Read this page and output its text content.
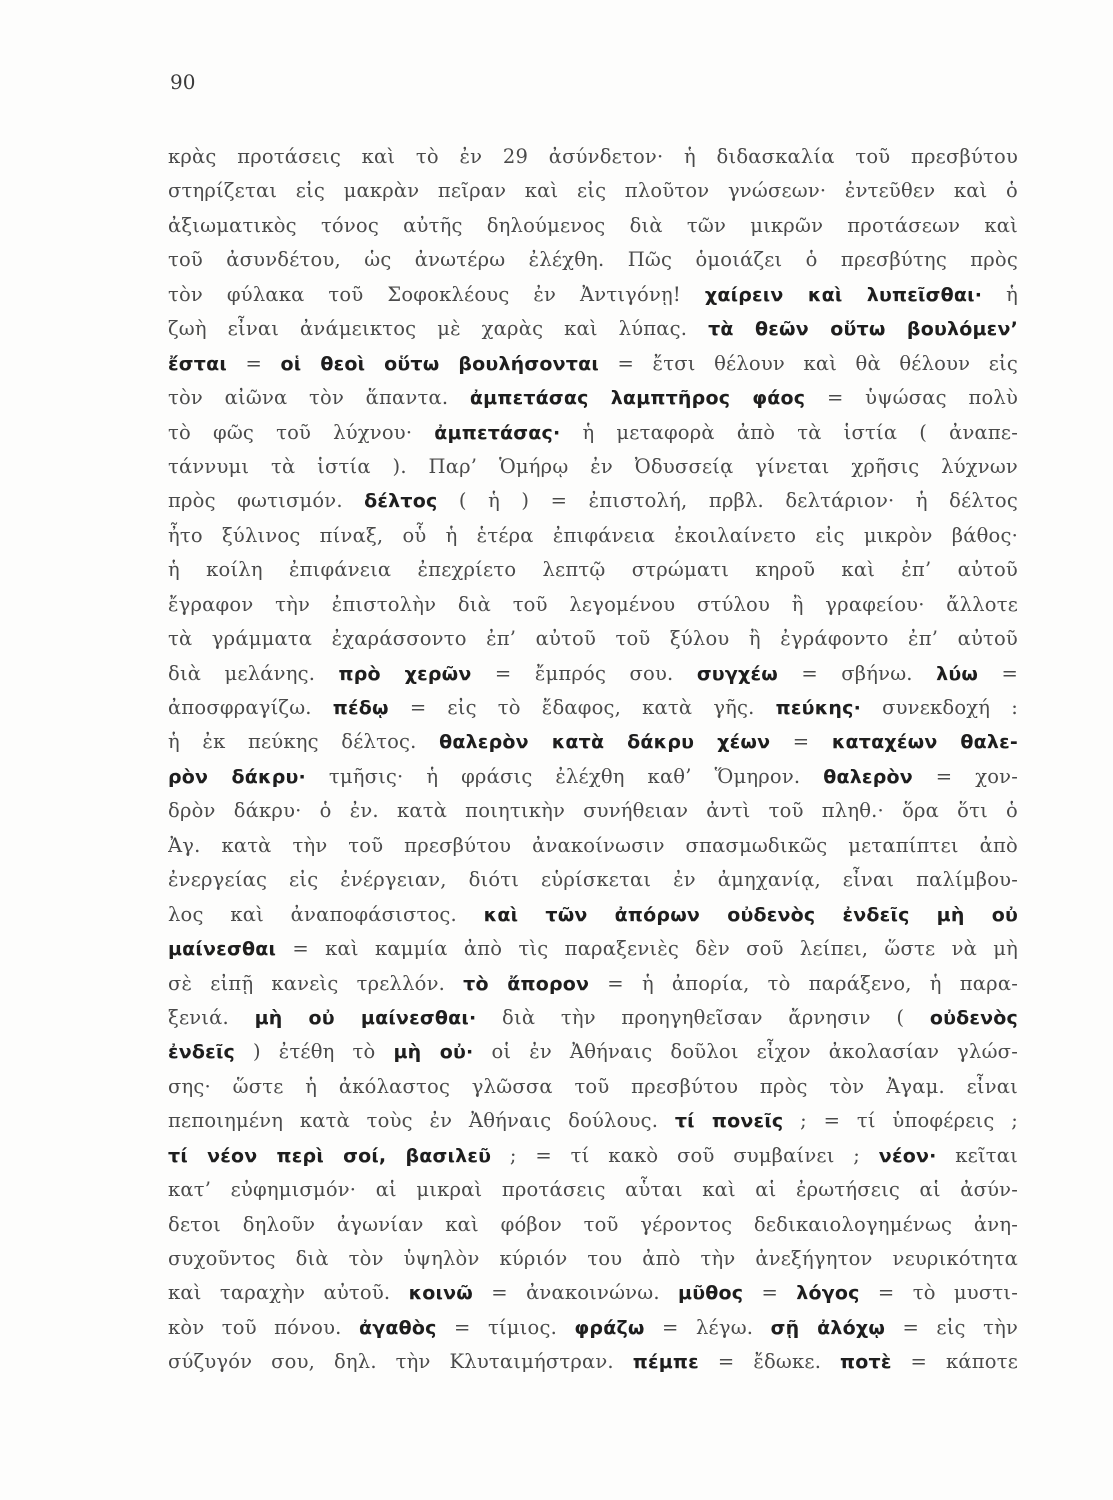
90
κρὰς προτάσεις καὶ τὸ ἐν 29 ἀσύνδετον· ἡ διδασκαλία τοῦ πρεσβύτου
στηρίζεται εἰς μακρὰν πεῖραν καὶ εἰς πλοῦτον γνώσεων· ἐντεῦθεν καὶ ὁ
ἀξιωματικὸς τόνος αὐτῆς δηλούμενος διὰ τῶν μικρῶν προτάσεων καὶ
τοῦ ἀσυνδέτου, ὡς ἀνωτέρω ἐλέχθη. Πῶς ὁμοιάζει ὁ πρεσβύτης πρὸς
τὸν φύλακα τοῦ Σοφοκλέους ἐν Ἀντιγόνῃ! χαίρειν καὶ λυπεῖσθαι· ἡ
ζωὴ εἶναι ἀνάμεικτος μὲ χαρὰς καὶ λύπας. τὰ θεῶν οὕτω βουλόμεν’
ἔσται = οἱ θεοὶ οὕτω βουλήσονται = ἔτσι θέλουν καὶ θὰ θέλουν εἰς
τὸν αἰῶνα τὸν ἅπαντα. ἀμπετάσας λαμπτῆρος φάος = ὑψώσας πολὺ
τὸ φῶς τοῦ λύχνου· ἀμπετάσας· ἡ μεταφορὰ ἀπὸ τὰ ἱστία ( ἀναπε-
τάννυμι τὰ ἱστία ). Παρ’ Ὁμήρῳ ἐν Ὀδυσσείᾳ γίνεται χρῆσις λύχνων
πρὸς φωτισμόν. δέλτος ( ἡ ) = ἐπιστολή, πρβλ. δελτάριον· ἡ δέλτος
ἦτο ξύλινος πίναξ, οὗ ἡ ἑτέρα ἐπιφάνεια ἐκοιλαίνετο εἰς μικρὸν βάθος·
ἡ κοίλη ἐπιφάνεια ἐπεχρίετο λεπτῷ στρώματι κηροῦ καὶ ἐπ’ αὐτοῦ
ἔγραφον τὴν ἐπιστολὴν διὰ τοῦ λεγομένου στύλου ἢ γραφείου· ἄλλοτε
τὰ γράμματα ἐχαράσσοντο ἐπ’ αὐτοῦ τοῦ ξύλου ἢ ἐγράφοντο ἐπ’ αὐτοῦ
διὰ μελάνης. πρὸ χερῶν = ἔμπρός σου. συγχέω = σβήνω. λύω =
ἀποσφραγίζω. πέδῳ = εἰς τὸ ἔδαφος, κατὰ γῆς. πεύκης· συνεκδοχή :
ἡ ἐκ πεύκης δέλτος. θαλερὸν κατὰ δάκρυ χέων = καταχέων θαλε-
ρὸν δάκρυ· τμῆσις· ἡ φράσις ἐλέχθη καθ’ Ὅμηρον. θαλερὸν = χον-
δρὸν δάκρυ· ὁ ἐν. κατὰ ποιητικὴν συνήθειαν ἀντὶ τοῦ πληθ.· ὅρα ὅτι ὁ
Ἀγ. κατὰ τὴν τοῦ πρεσβύτου ἀνακοίνωσιν σπασμωδικῶς μεταπίπτει ἀπὸ
ἐνεργείας εἰς ἐνέργειαν, διότι εὑρίσκεται ἐν ἀμηχανίᾳ, εἶναι παλίμβου-
λος καὶ ἀναποφάσιστος. καὶ τῶν ἀπόρων οὐδενὸς ἐνδεῖς μὴ οὐ
μαίνεσθαι = καὶ καμμία ἀπὸ τὶς παραξενιὲς δὲν σοῦ λείπει, ὥστε νὰ μὴ
σὲ εἰπῇ κανεὶς τρελλόν. τὸ ἄπορον = ἡ ἀπορία, τὸ παράξενο, ἡ παρα-
ξενιά. μὴ οὐ μαίνεσθαι· διὰ τὴν προηγηθεῖσαν ἄρνησιν ( οὐδενὸς
ἐνδεῖς ) ἐτέθη τὸ μὴ οὐ· οἱ ἐν Ἀθήναις δοῦλοι εἶχον ἀκολασίαν γλώσ-
σης· ὥστε ἡ ἀκόλαστος γλῶσσα τοῦ πρεσβύτου πρὸς τὸν Ἀγαμ. εἶναι
πεποιημένη κατὰ τοὺς ἐν Ἀθήναις δούλους. τί πονεῖς ; = τί ὑποφέρεις ;
τί νέον περὶ σοί, βασιλεῦ ; = τί κακὸ σοῦ συμβαίνει ; νέον· κεῖται
κατ’ εὐφημισμόν· αἱ μικραὶ προτάσεις αὗται καὶ αἱ ἐρωτήσεις αἱ ἀσύν-
δετοι δηλοῦν ἀγωνίαν καὶ φόβον τοῦ γέροντος δεδικαιολογημένως ἀνη-
συχοῦντος διὰ τὸν ὑψηλὸν κύριόν του ἀπὸ τὴν ἀνεξήγητον νευρικότητα
καὶ ταραχὴν αὐτοῦ. κοινῶ = ἀνακοινώνω. μῦθος = λόγος = τὸ μυστι-
κὸν τοῦ πόνου. ἀγαθὸς = τίμιος. φράζω = λέγω. σῇ ἀλόχῳ = εἰς τὴν
σύζυγόν σου, δηλ. τὴν Κλυταιμήστραν. πέμπε = ἔδωκε. ποτὲ = κάποτε
